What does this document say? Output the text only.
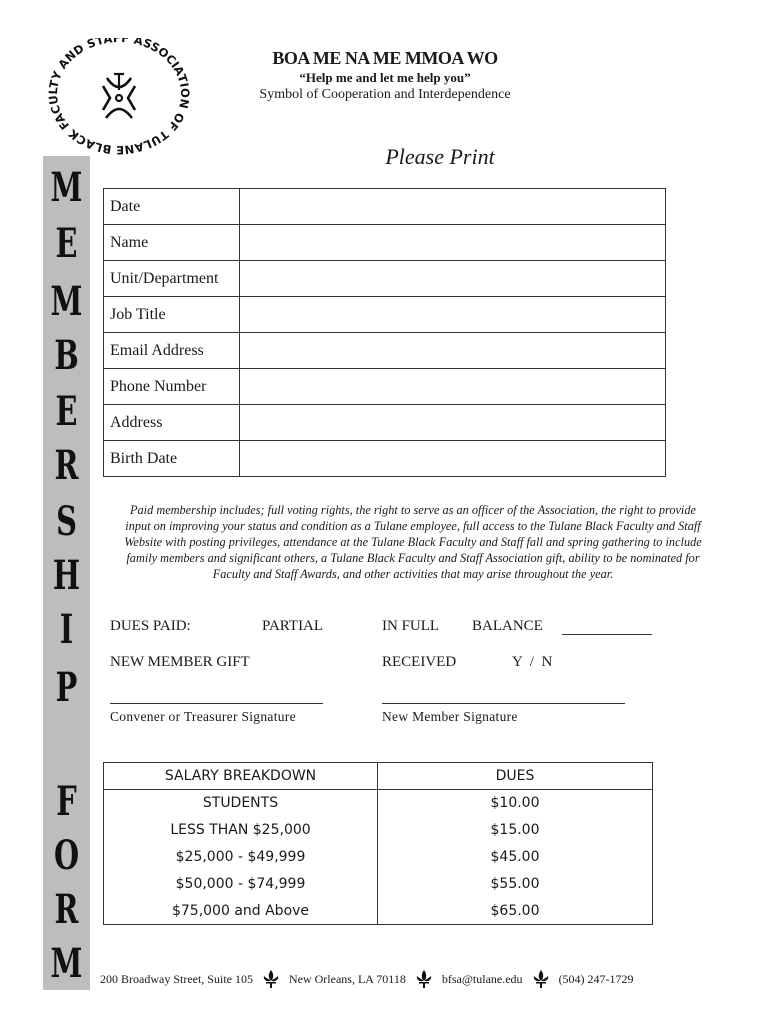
BLACK FACULTY AND STAFF ASSOCIATION OF TULANE
BOA ME NA ME MMOA WO
“Help me and let me help you”
Symbol of Cooperation and Interdependence
M
E
M
B
E
R
S
H
I
P
F
O
R
M
Please Print
Date	
Name	
Unit/Department	
Job Title	
Email Address	
Phone Number	
Address	
Birth Date	
Paid membership includes; full voting rights, the right to serve as an officer of the Association, the right to provide input on improving your status and condition as a Tulane employee, full access to the Tulane Black Faculty and Staff Website with posting privileges, attendance at the Tulane Black Faculty and Staff fall and spring gathering to include family members and significant others, a Tulane Black Faculty and Staff Association gift, ability to be nominated for Faculty and Staff Awards, and other activities that may arise throughout the year.
DUES PAID:	PARTIAL	IN FULL BALANCE
NEW MEMBER GIFT	RECEIVED	Y  /  N
Convener or Treasurer Signature	New Member Signature
SALARY BREAKDOWN	DUES
STUDENTS	$10.00
LESS THAN $25,000	$15.00
$25,000 - $49,999	$45.00
$50,000 - $74,999	$55.00
$75,000 and Above	$65.00
200 Broadway Street, Suite 105	New Orleans, LA 70118	bfsa@tulane.edu	(504) 247-1729
